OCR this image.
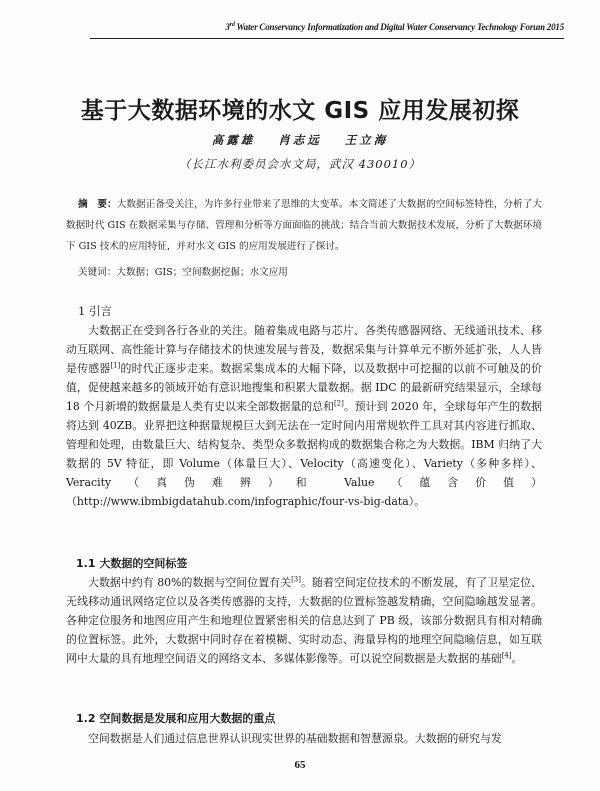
3rd Water Conservancy Informatization and Digital Water Conservancy Technology Forum 2015
基于大数据环境的水文 GIS 应用发展初探
高露雄 肖志远 王立海
（长江水利委员会水文局，武汉 430010）
摘　要：大数据正备受关注，为许多行业带来了思维的大变革。本文简述了大数据的空间标签特性，分析了大数据时代 GIS 在数据采集与存储、管理和分析等方面面临的挑战；结合当前大数据技术发展，分析了大数据环境下 GIS 技术的应用特征，并对水文 GIS 的应用发展进行了探讨。
关键词：大数据；GIS；空间数据挖掘；水文应用
1 引言
大数据正在受到各行各业的关注。随着集成电路与芯片、各类传感器网络、无线通讯技术、移动互联网、高性能计算与存储技术的快速发展与普及，数据采集与计算单元不断外延扩张，人人皆是传感器[1]的时代正逐步走来。数据采集成本的大幅下降，以及数据中可挖掘的以前不可触及的价值，促使越来越多的领域开始有意识地搜集和积累大量数据。据 IDC 的最新研究结果显示，全球每 18 个月新增的数据量是人类有史以来全部数据量的总和[2]。预计到 2020 年，全球每年产生的数据将达到 40ZB。业界把这种据量规模巨大到无法在一定时间内用常规软件工具对其内容进行抓取、管理和处理，由数量巨大、结构复杂、类型众多数据构成的数据集合称之为大数据。IBM 归纳了大数据的 5V 特征，即 Volume（体量巨大）、Velocity（高速变化）、Variety（多种多样）、Veracity（真伪难辨）和 Value（蕴含价值）（http://www.ibmbigdatahub.com/infographic/four-vs-big-data）。
1.1 大数据的空间标签
大数据中约有 80%的数据与空间位置有关[3]。随着空间定位技术的不断发展，有了卫星定位、无线移动通讯网络定位以及各类传感器的支持，大数据的位置标签越发精确，空间隐喻越发显著。各种定位服务和地图应用产生和地理位置紧密相关的信息达到了 PB 级，该部分数据具有相对精确的位置标签。此外，大数据中同时存在着模糊、实时动态、海量异构的地理空间隐喻信息，如互联网中大量的具有地理空间语义的网络文本、多媒体影像等。可以说空间数据是大数据的基础[4]。
1.2 空间数据是发展和应用大数据的重点
空间数据是人们通过信息世界认识现实世界的基础数据和智慧源泉。大数据的研究与发
65
